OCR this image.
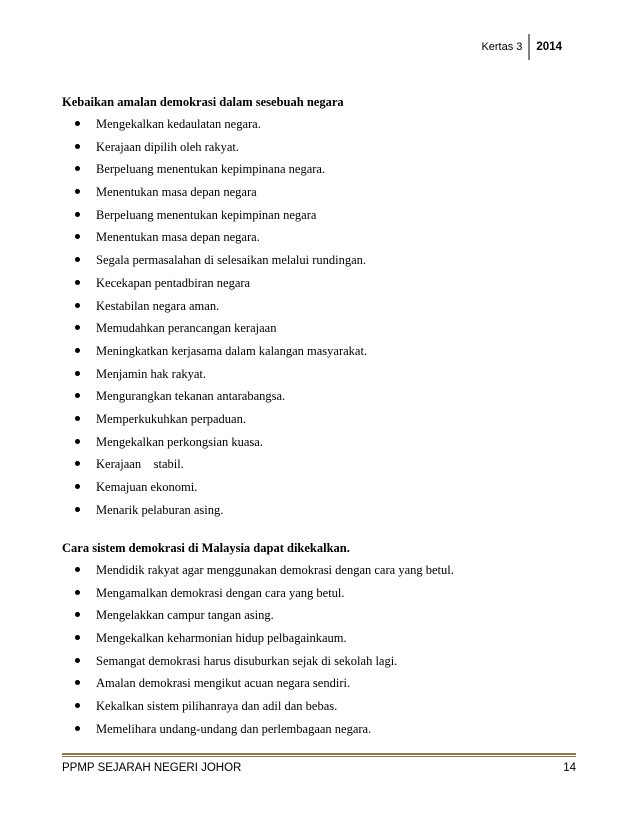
Kertas 3	2014
Kebaikan amalan demokrasi dalam sesebuah negara
Mengekalkan kedaulatan negara.
Kerajaan dipilih oleh rakyat.
Berpeluang menentukan kepimpinana negara.
Menentukan masa depan negara
Berpeluang menentukan kepimpinan negara
Menentukan masa depan negara.
Segala permasalahan di selesaikan melalui rundingan.
Kecekapan pentadbiran negara
Kestabilan negara aman.
Memudahkan perancangan kerajaan
Meningkatkan kerjasama dalam kalangan masyarakat.
Menjamin hak rakyat.
Mengurangkan tekanan antarabangsa.
Memperkukuhkan perpaduan.
Mengekalkan perkongsian kuasa.
Kerajaan    stabil.
Kemajuan ekonomi.
Menarik pelaburan asing.
Cara sistem demokrasi di Malaysia dapat dikekalkan.
Mendidik rakyat agar menggunakan demokrasi dengan cara yang betul.
Mengamalkan demokrasi dengan cara yang betul.
Mengelakkan campur tangan asing.
Mengekalkan keharmonian hidup pelbagainkaum.
Semangat demokrasi harus disuburkan sejak di sekolah lagi.
Amalan demokrasi mengikut acuan negara sendiri.
Kekalkan sistem pilihanraya dan adil dan bebas.
Memelihara undang-undang dan perlembagaan negara.
PPMP SEJARAH NEGERI JOHOR	14
